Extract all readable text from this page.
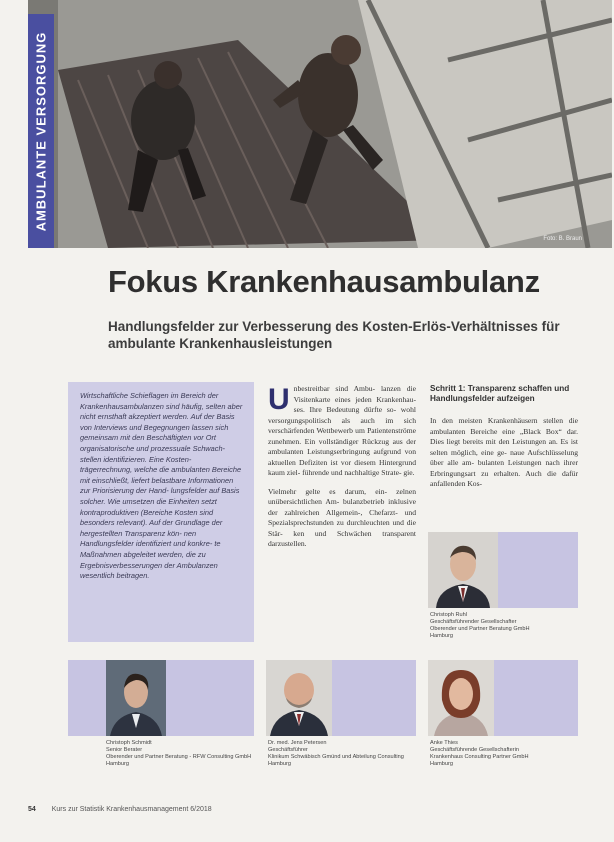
Foto: B. Braun
AMBULANTE VERSORGUNG
Fokus Krankenhausambulanz
Handlungsfelder zur Verbesserung des Kosten-Erlös-Verhältnisses für ambulante Krankenhausleistungen
Wirtschaftliche Schieflagen im Bereich der Krankenhausambulanzen sind häufig, selten aber nicht ernsthaft akzeptiert werden. Auf der Basis von Interviews und Begegnungen lassen sich gemeinsam mit den Beschäftigten vor Ort organisatorische und prozessuale Schwach- stellen identifizieren. Eine Kosten- trägerrechnung, welche die ambulanten Bereiche mit einschließt, liefert belastbare Informationen zur Priorisierung der Hand- lungsfelder auf Basis solcher. Wie umsetzen die Einheiten setzt kontraproduktiven (Bereiche Kosten sind besonders relevant). Auf der Grundlage der hergestellten Transparenz kön- nen Handlungsfelder identifiziert und konkre- te Maßnahmen abgeleitet werden, die zu Ergebnisverbesserungen der Ambulanzen wesentlich beitragen.
U nbestreitbar sind Ambu- lanzen die Visitenkarte eines jeden Krankenhau- ses. Ihre Bedeutung dürfte so- wohl versorgungspolitisch als auch im sich verschärfenden Wettbewerb um Patientenströme zunehmen. Ein vollständiger Rückzug aus der ambulanten Leistungserbringung aufgrund von aktuellen Defiziten ist vor diesem Hintergrund kaum ziel- führende und nachhaltige Strate- gie.

Vielmehr gelte es darum, ein- zelnen unübersichtlichen Am- bulanzbetrieb inklusive der zahlreichen Allgemein-, Chefarzt- und Spezialsprechstunden zu durchleuchten und die Stär- ken und Schwächen transparent darzustellen.

Schritt 1: Transparenz schaffen und Handlungsfelder aufzeigen

In den meisten Krankenhäusern stellen die ambulanten Bereiche eine „Black Box“ dar. Dies liegt bereits mit den Leistungen an. Es ist selten möglich, eine ge- naue Aufschlüsselung über alle am- bulanten Leistungen nach ihrer Erbringungsart zu erhalten. Auch die dafür anfallenden Kos-

Christoph Ruhl
Geschäftsführender Gesellschafter
Oberender und Partner Beratung GmbH
Hamburg
Christoph Schmidt
Senior Berater
Oberender und Partner Beratung - RFW Consulting GmbH
Hamburg
Dr. med. Jens Petersen
Geschäftsführer
Klinikum Schwäbisch Gmünd und Abteilung Consulting
Hamburg
Anke Thies
Geschäftsführende Gesellschafterin
Krankenhaus Consulting Partner GmbH
Hamburg
54 Kurs zur Statistik Krankenhausmanagement 6/2018
